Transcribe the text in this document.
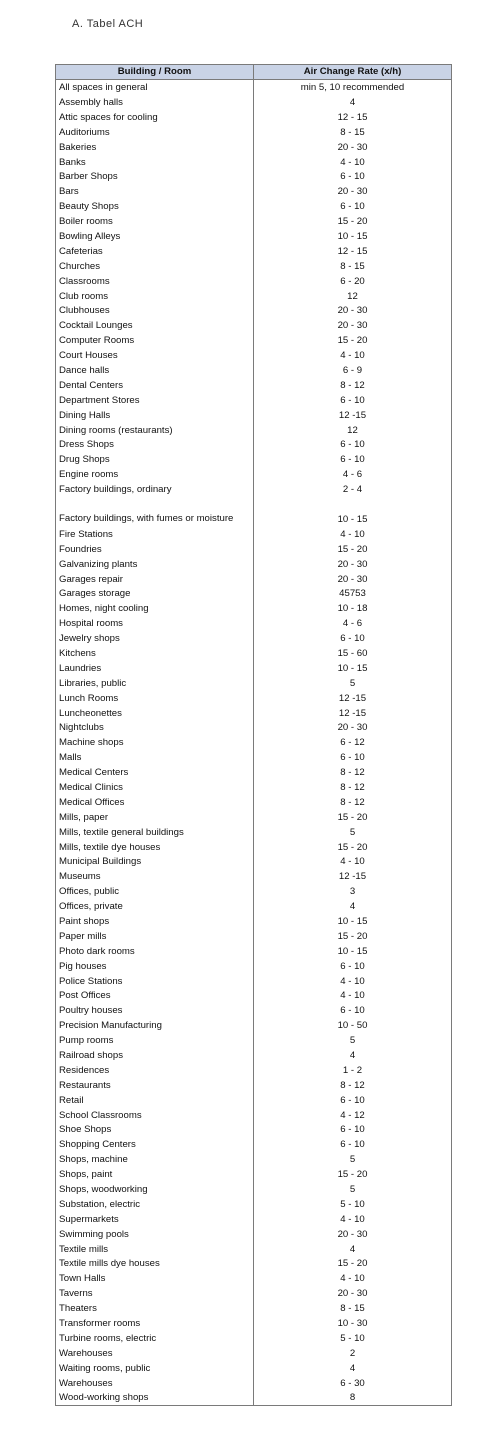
A. Tabel ACH
Building / Room	Air Change Rate (x/h)
All spaces in general	min 5, 10 recommended
Assembly halls	4
Attic spaces for cooling	12 - 15
Auditoriums	8 - 15
Bakeries	20 - 30
Banks	4 - 10
Barber Shops	6 - 10
Bars	20 - 30
Beauty Shops	6 - 10
Boiler rooms	15 - 20
Bowling Alleys	10 - 15
Cafeterias	12 - 15
Churches	8 - 15
Classrooms	6 - 20
Club rooms	12
Clubhouses	20 - 30
Cocktail Lounges	20 - 30
Computer Rooms	15 - 20
Court Houses	4 - 10
Dance halls	6 - 9
Dental Centers	8 - 12
Department Stores	6 - 10
Dining Halls	12 -15
Dining rooms (restaurants)	12
Dress Shops	6 - 10
Drug Shops	6 - 10
Engine rooms	4 - 6
Factory buildings, ordinary	2 - 4
Factory buildings, with fumes or moisture	10 - 15
Fire Stations	4 - 10
Foundries	15 - 20
Galvanizing plants	20 - 30
Garages repair	20 - 30
Garages storage	45753
Homes, night cooling	10 - 18
Hospital rooms	4 - 6
Jewelry shops	6 - 10
Kitchens	15 - 60
Laundries	10 - 15
Libraries, public	5
Lunch Rooms	12 -15
Luncheonettes	12 -15
Nightclubs	20 - 30
Machine shops	6 - 12
Malls	6 - 10
Medical Centers	8 - 12
Medical Clinics	8 - 12
Medical Offices	8 - 12
Mills, paper	15 - 20
Mills, textile general buildings	5
Mills, textile dye houses	15 - 20
Municipal Buildings	4 - 10
Museums	12 -15
Offices, public	3
Offices, private	4
Paint shops	10 - 15
Paper mills	15 - 20
Photo dark rooms	10 - 15
Pig houses	6 - 10
Police Stations	4 - 10
Post Offices	4 - 10
Poultry houses	6 - 10
Precision Manufacturing	10 - 50
Pump rooms	5
Railroad shops	4
Residences	1 - 2
Restaurants	8 - 12
Retail	6 - 10
School Classrooms	4 - 12
Shoe Shops	6 - 10
Shopping Centers	6 - 10
Shops, machine	5
Shops, paint	15 - 20
Shops, woodworking	5
Substation, electric	5 - 10
Supermarkets	4 - 10
Swimming pools	20 - 30
Textile mills	4
Textile mills dye houses	15 - 20
Town Halls	4 - 10
Taverns	20 - 30
Theaters	8 - 15
Transformer rooms	10 - 30
Turbine rooms, electric	5 - 10
Warehouses	2
Waiting rooms, public	4
Warehouses	6 - 30
Wood-working shops	8
